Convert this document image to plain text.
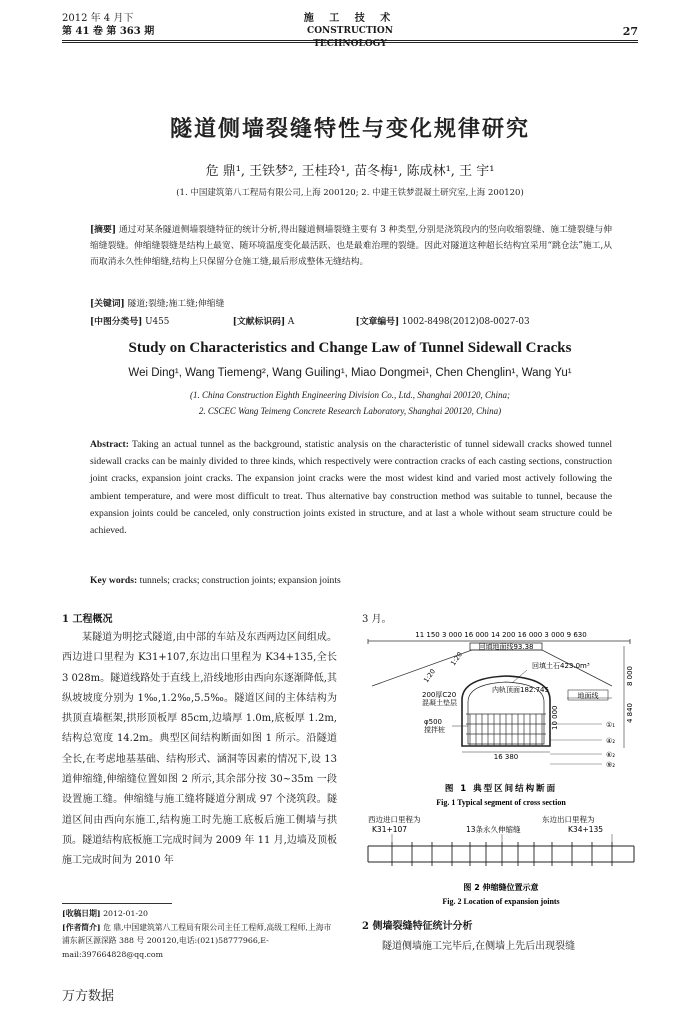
2012 年 4 月下
第 41 卷 第 363 期
施 工 技 术
CONSTRUCTION TECHNOLOGY
27
隧道侧墙裂缝特性与变化规律研究
危 鼎¹, 王铁梦², 王桂玲¹, 苗冬梅¹, 陈成林¹, 王 宇¹
(1. 中国建筑第八工程局有限公司,上海 200120; 2. 中建王铁梦混凝土研究室,上海 200120)
[摘要] 通过对某条隧道侧墙裂缝特征的统计分析,得出隧道侧墙裂缝主要有 3 种类型,分别是浇筑段内的竖向收缩裂缝、施工缝裂缝与伸缩缝裂缝。伸缩缝裂缝是结构上最宽、随环境温度变化最活跃、也是最难治理的裂缝。因此对隧道这种超长结构宜采用“跳仓法”施工,从而取消永久性伸缩缝,结构上只保留分仓施工缝,最后形成整体无缝结构。
[关键词] 隧道;裂缝;施工缝;伸缩缝
[中图分类号] U455	[文献标识码] A	[文章编号] 1002-8498(2012)08-0027-03
Study on Characteristics and Change Law of Tunnel Sidewall Cracks
Wei Ding¹, Wang Tiemeng², Wang Guiling¹, Miao Dongmei¹, Chen Chenglin¹, Wang Yu¹
(1. China Construction Eighth Engineering Division Co., Ltd., Shanghai 200120, China;
2. CSCEC Wang Teimeng Concrete Research Laboratory, Shanghai 200120, China)
Abstract: Taking an actual tunnel as the background, statistic analysis on the characteristic of tunnel sidewall cracks showed tunnel sidewall cracks can be mainly divided to three kinds, which respectively were contraction cracks of each casting sections, construction joint cracks, expansion joint cracks. The expansion joint cracks were the most widest kind and varied most actively following the ambient temperature, and were most difficult to treat. Thus alternative bay construction method was suitable to tunnel, because the expansion joints could be canceled, only construction joints existed in structure, and at last a whole without seam structure could be achieved.
Key words: tunnels; cracks; construction joints; expansion joints
1 工程概况

某隧道为明挖式隧道,由中部的车站及东西两边区间组成。西边进口里程为 K31+107,东边出口里程为 K34+135,全长 3 028m。隧道线路处于直线上,沿线地形由西向东逐渐降低,其纵坡坡度分别为 1‰,1.2‰,5.5‰。隧道区间的主体结构为拱顶直墙框架,拱形顶板厚 85cm,边墙厚 1.0m,底板厚 1.2m,结构总宽度 14.2m。典型区间结构断面如图 1 所示。沿隧道全长,在考虑地基基础、结构形式、涵洞等因素的情况下,设 13 道伸缩缝,伸缩缝位置如图 2 所示,其余部分按 30~35m 一段设置施工缝。伸缩缝与施工缝将隧道分割成 97 个浇筑段。隧道区间由西向东施工,结构施工时先施工底板后施工侧墙与拱顶。隧道结构底板施工完成时间为 2009 年 11 月,边墙及顶板施工完成时间为 2010 年

3 月。
11 150 3 000 16 000 14 200 16 000 3 000 9 630
回填地面线93.38
1:20
1:20
回填土石423.0m³
内轨顶面182.745
200厚C20
混凝土垫层
地面线
φ500
搅拌桩	10 000
16 380
8 000
4 840
①₁
④₂
⑥₂
⑨₂
图 1 典型区间结构断面
Fig. 1 Typical segment of cross section
西边进口里程为
K31+107	13条永久伸缩缝
东边出口里程为
K34+135
图 2 伸缩缝位置示意
Fig. 2 Location of expansion joints
2 侧墙裂缝特征统计分析
隧道侧墙施工完毕后,在侧墙上先后出现裂缝
[收稿日期] 2012-01-20
[作者简介] 危 鼎,中国建筑第八工程局有限公司主任工程师,高级工程师,上海市浦东新区源深路 388 号 200120,电话:(021)58777966,E-mail:397664828@qq.com
万方数据
